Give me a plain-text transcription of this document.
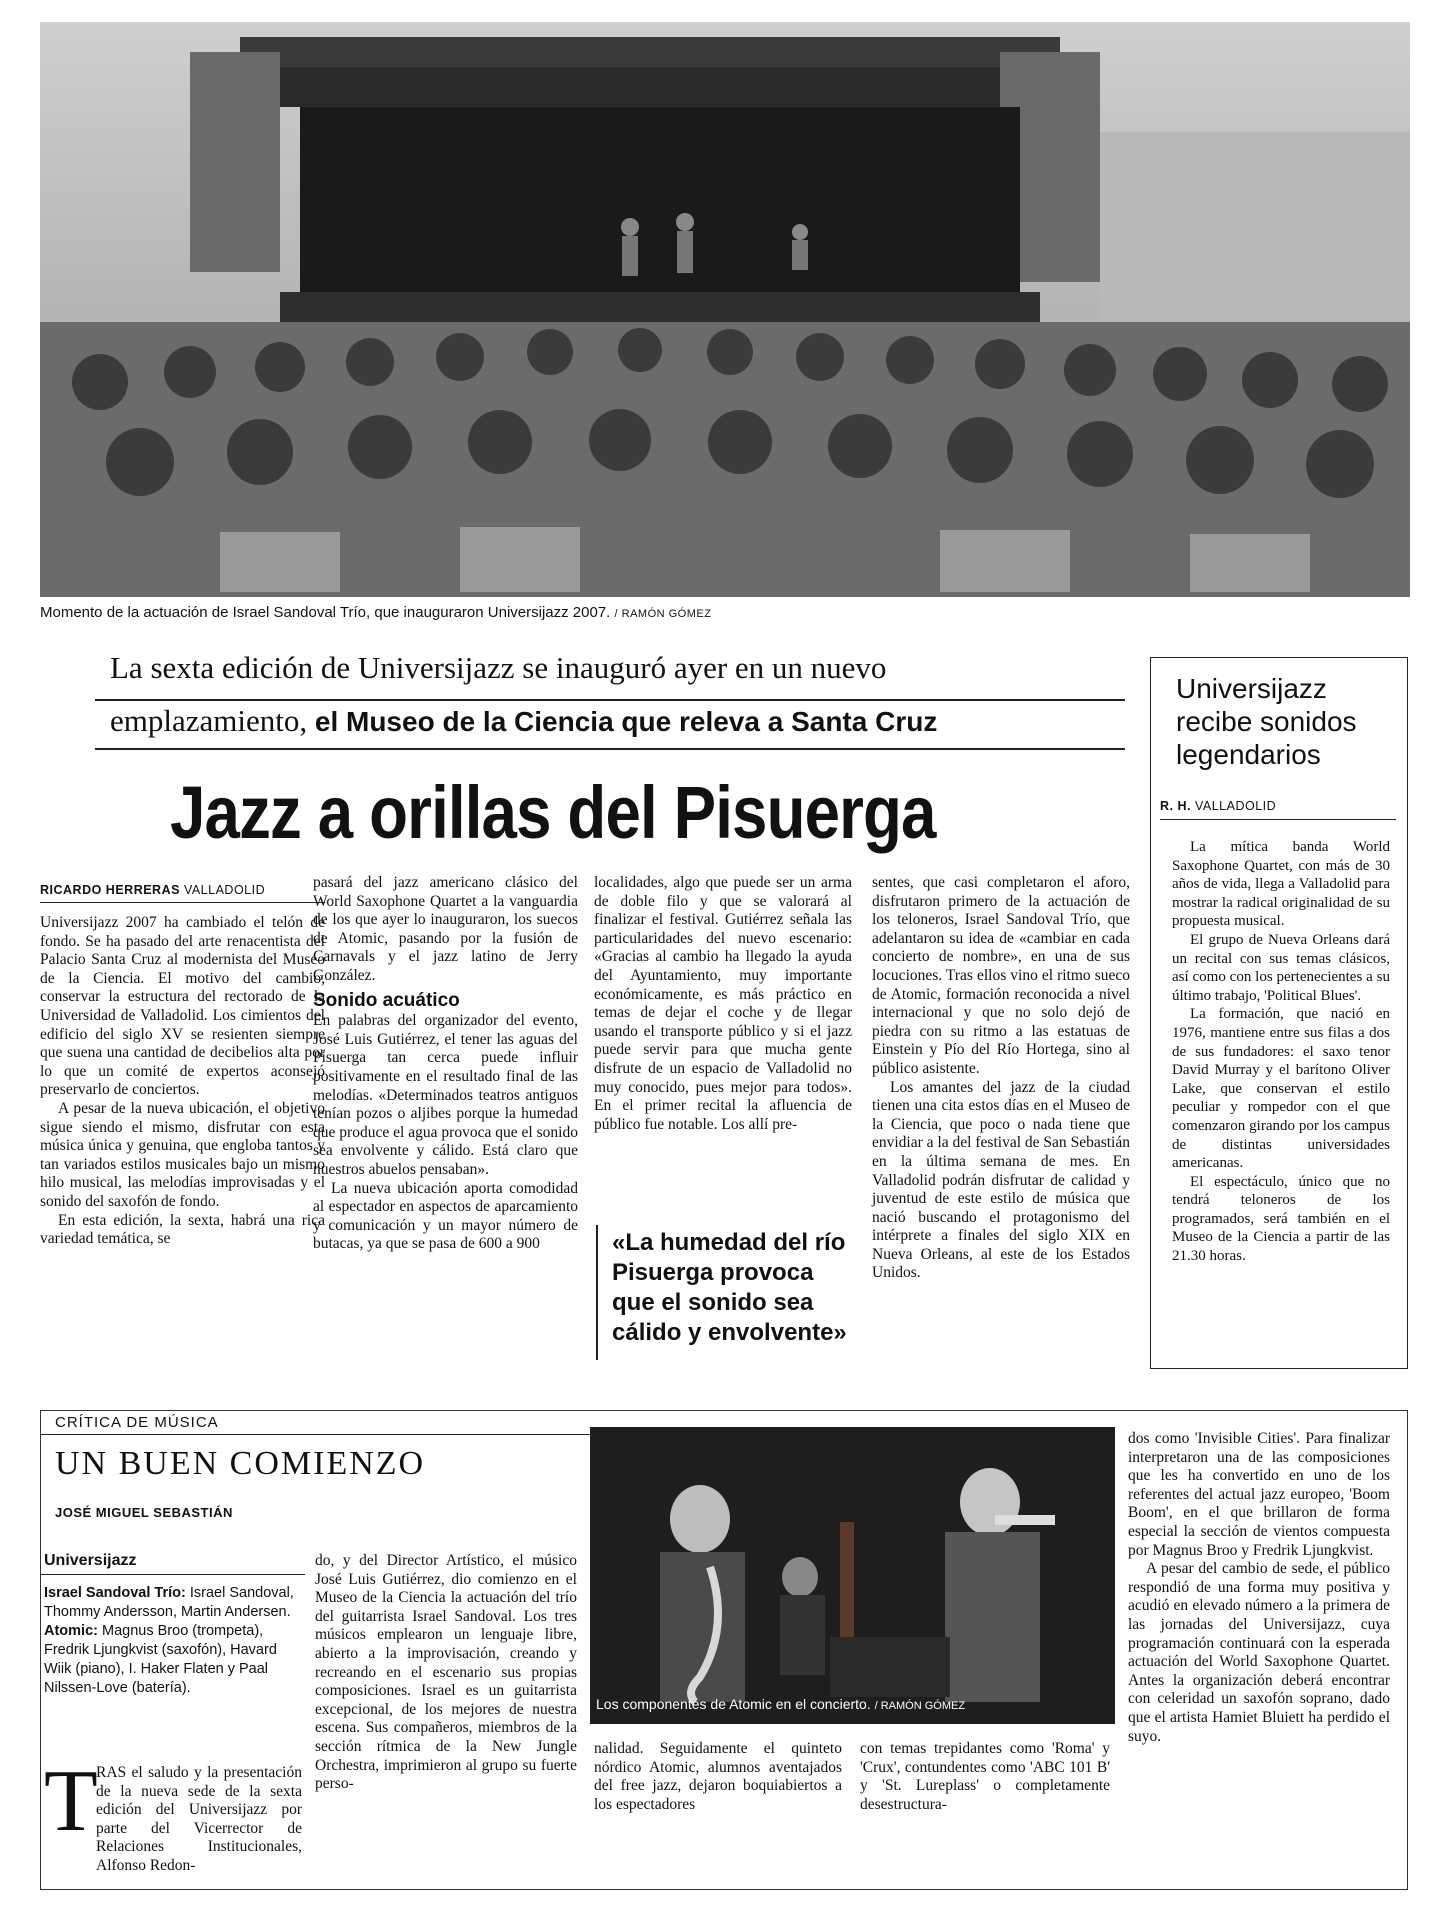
Momento de la actuación de Israel Sandoval Trío, que inauguraron Universijazz 2007. / RAMÓN GÓMEZ
La sexta edición de Universijazz se inauguró ayer en un nuevo
emplazamiento, el Museo de la Ciencia que releva a Santa Cruz
Jazz a orillas del Pisuerga
RICARDO HERRERAS VALLADOLID

Universijazz 2007 ha cambiado el telón de fondo. Se ha pasado del arte renacentista del Palacio Santa Cruz al modernista del Museo de la Ciencia. El motivo del cambio, conservar la estructura del rectorado de la Universidad de Valladolid. Los cimientos del edificio del siglo XV se resienten siempre que suena una cantidad de decibelios alta por lo que un comité de expertos aconsejó preservarlo de conciertos.

A pesar de la nueva ubicación, el objetivo sigue siendo el mismo, disfrutar con esta música única y genuina, que engloba tantos y tan variados estilos musicales bajo un mismo hilo musical, las melodías improvisadas y el sonido del saxofón de fondo.

En esta edición, la sexta, habrá una rica variedad temática, se

pasará del jazz americano clásico del World Saxophone Quartet a la vanguardia de los que ayer lo inauguraron, los suecos de Atomic, pasando por la fusión de Carnavals y el jazz latino de Jerry González.

Sonido acuático

En palabras del organizador del evento, José Luis Gutiérrez, el tener las aguas del Pisuerga tan cerca puede influir positivamente en el resultado final de las melodías. «Determinados teatros antiguos tenían pozos o aljibes porque la humedad que produce el agua provoca que el sonido sea envolvente y cálido. Está claro que nuestros abuelos pensaban».

La nueva ubicación aporta comodidad al espectador en aspectos de aparcamiento y comunicación y un mayor número de butacas, ya que se pasa de 600 a 900

localidades, algo que puede ser un arma de doble filo y que se valorará al finalizar el festival. Gutiérrez señala las particularidades del nuevo escenario: «Gracias al cambio ha llegado la ayuda del Ayuntamiento, muy importante económicamente, es más práctico en temas de dejar el coche y de llegar usando el transporte público y si el jazz puede servir para que mucha gente disfrute de un espacio de Valladolid no muy conocido, pues mejor para todos». En el primer recital la afluencia de público fue notable. Los allí pre-

«La humedad del río Pisuerga provoca que el sonido sea cálido y envolvente»

sentes, que casi completaron el aforo, disfrutaron primero de la actuación de los teloneros, Israel Sandoval Trío, que adelantaron su idea de «cambiar en cada concierto de nombre», en una de sus locuciones. Tras ellos vino el ritmo sueco de Atomic, formación reconocida a nivel internacional y que no solo dejó de piedra con su ritmo a las estatuas de Einstein y Pío del Río Hortega, sino al público asistente.

Los amantes del jazz de la ciudad tienen una cita estos días en el Museo de la Ciencia, que poco o nada tiene que envidiar a la del festival de San Sebastián en la última semana de mes. En Valladolid podrán disfrutar de calidad y juventud de este estilo de música que nació buscando el protagonismo del intérprete a finales del siglo XIX en Nueva Orleans, al este de los Estados Unidos.

Universijazz recibe sonidos legendarios
R. H. VALLADOLID

La mítica banda World Saxophone Quartet, con más de 30 años de vida, llega a Valladolid para mostrar la radical originalidad de su propuesta musical.

El grupo de Nueva Orleans dará un recital con sus temas clásicos, así como con los pertenecientes a su último trabajo, 'Political Blues'.

La formación, que nació en 1976, mantiene entre sus filas a dos de sus fundadores: el saxo tenor David Murray y el barítono Oliver Lake, que conservan el estilo peculiar y rompedor con el que comenzaron girando por los campus de distintas universidades americanas.

El espectáculo, único que no tendrá teloneros de los programados, será también en el Museo de la Ciencia a partir de las 21.30 horas.

CRÍTICA DE MÚSICA
UN BUEN COMIENZO
JOSÉ MIGUEL SEBASTIÁN
Universijazz
Israel Sandoval Trío: Israel Sandoval, Thommy Andersson, Martin Andersen. Atomic: Magnus Broo (trompeta), Fredrik Ljungkvist (saxofón), Havard Wiik (piano), I. Haker Flaten y Paal Nilssen-Love (batería).
T

RAS el saludo y la presentación de la nueva sede de la sexta edición del Universijazz por parte del Vicerrector de Relaciones Institucionales, Alfonso Redon-

do, y del Director Artístico, el músico José Luis Gutiérrez, dio comienzo en el Museo de la Ciencia la actuación del trío del guitarrista Israel Sandoval. Los tres músicos emplearon un lenguaje libre, abierto a la improvisación, creando y recreando en el escenario sus propias composiciones. Israel es un guitarrista excepcional, de los mejores de nuestra escena. Sus compañeros, miembros de la sección rítmica de la New Jungle Orchestra, imprimieron al grupo su fuerte perso-

Los componentes de Atomic en el concierto. / RAMÓN GÓMEZ

nalidad. Seguidamente el quinteto nórdico Atomic, alumnos aventajados del free jazz, dejaron boquiabiertos a los espectadores

con temas trepidantes como 'Roma' y 'Crux', contundentes como 'ABC 101 B' y 'St. Lureplass' o completamente desestructura-

dos como 'Invisible Cities'. Para finalizar interpretaron una de las composiciones que les ha convertido en uno de los referentes del actual jazz europeo, 'Boom Boom', en el que brillaron de forma especial la sección de vientos compuesta por Magnus Broo y Fredrik Ljungkvist.

A pesar del cambio de sede, el público respondió de una forma muy positiva y acudió en elevado número a la primera de las jornadas del Universijazz, cuya programación continuará con la esperada actuación del World Saxophone Quartet. Antes la organización deberá encontrar con celeridad un saxofón soprano, dado que el artista Hamiet Bluiett ha perdido el suyo.
